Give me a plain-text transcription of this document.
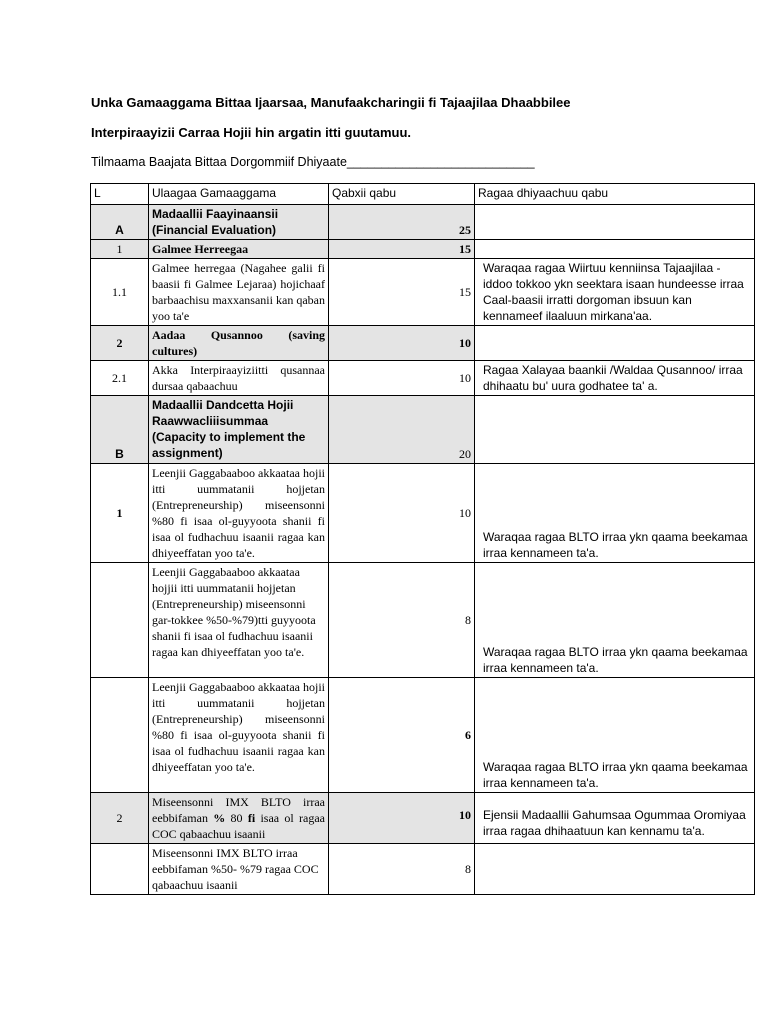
Unka Gamaaggama Bittaa Ijaarsaa, Manufaakcharingii fi Tajaajilaa Dhaabbilee
Interpiraayizii Carraa Hojii hin argatin itti guutamuu.
Tilmaama Baajata Bittaa Dorgommiif Dhiyaate___________________________
L	Ulaagaa Gamaaggama	Qabxii qabu	Ragaa dhiyaachuu qabu
A	Madaallii Faayinaansii (Financial Evaluation)	25	
1	Galmee Herreegaa	15	
1.1	Galmee herregaa (Nagahee galii fi baasii fi Galmee Lejaraa) hojichaaf barbaachisu maxxansanii kan qaban yoo ta'e	15	Waraqaa ragaa Wiirtuu kenniinsa Tajaajilaa - iddoo tokkoo ykn seektara isaan hundeesse irraa Caal-baasii irratti dorgoman ibsuun kan kennameef ilaaluun mirkana'aa.
2	Aadaa Qusannoo (saving cultures)	10	
2.1	Akka Interpiraayiziitti qusannaa dursaa qabaachuu	10	Ragaa Xalayaa baankii /Waldaa Qusannoo/ irraa dhihaatu bu' uura godhatee ta' a.
B	Madaallii Dandcetta Hojii Raawwacliiisummaa (Capacity to implement the assignment)	20	
1	Leenjii Gaggabaaboo akkaataa hojii itti uummatanii hojjetan (Entrepreneurship) miseensonni %80 fi isaa ol-guyyoota shanii fi isaa ol fudhachuu isaanii ragaa kan dhiyeeffatan yoo ta'e.	10	Waraqaa ragaa BLTO irraa ykn qaama beekamaa irraa kennameen ta'a.

	Leenjii Gaggabaaboo akkaataa hojjii itti uummatanii hojjetan (Entrepreneurship) miseensonni gar-tokkee %50-%79)tti guyyoota shanii fi isaa ol fudhachuu isaanii ragaa kan dhiyeeffatan yoo ta'e.	8	Waraqaa ragaa BLTO irraa ykn qaama beekamaa irraa kennameen ta'a.

	Leenjii Gaggabaaboo akkaataa hojii itti uummatanii hojjetan (Entrepreneurship) miseensonni %80 fi isaa ol-guyyoota shanii fi isaa ol fudhachuu isaanii ragaa kan dhiyeeffatan yoo ta'e.	6	Waraqaa ragaa BLTO irraa ykn qaama beekamaa irraa kennameen ta'a.
2	Miseensonni IMX BLTO irraa eebbifaman % 80 fi isaa ol ragaa COC qabaachuu isaanii	10	Ejensii Madaallii Gahumsaa Ogummaa Oromiyaa irraa ragaa dhihaatuun kan kennamu ta'a.
	Miseensonni IMX BLTO irraa eebbifaman %50- %79 ragaa COC qabaachuu isaanii	8	
